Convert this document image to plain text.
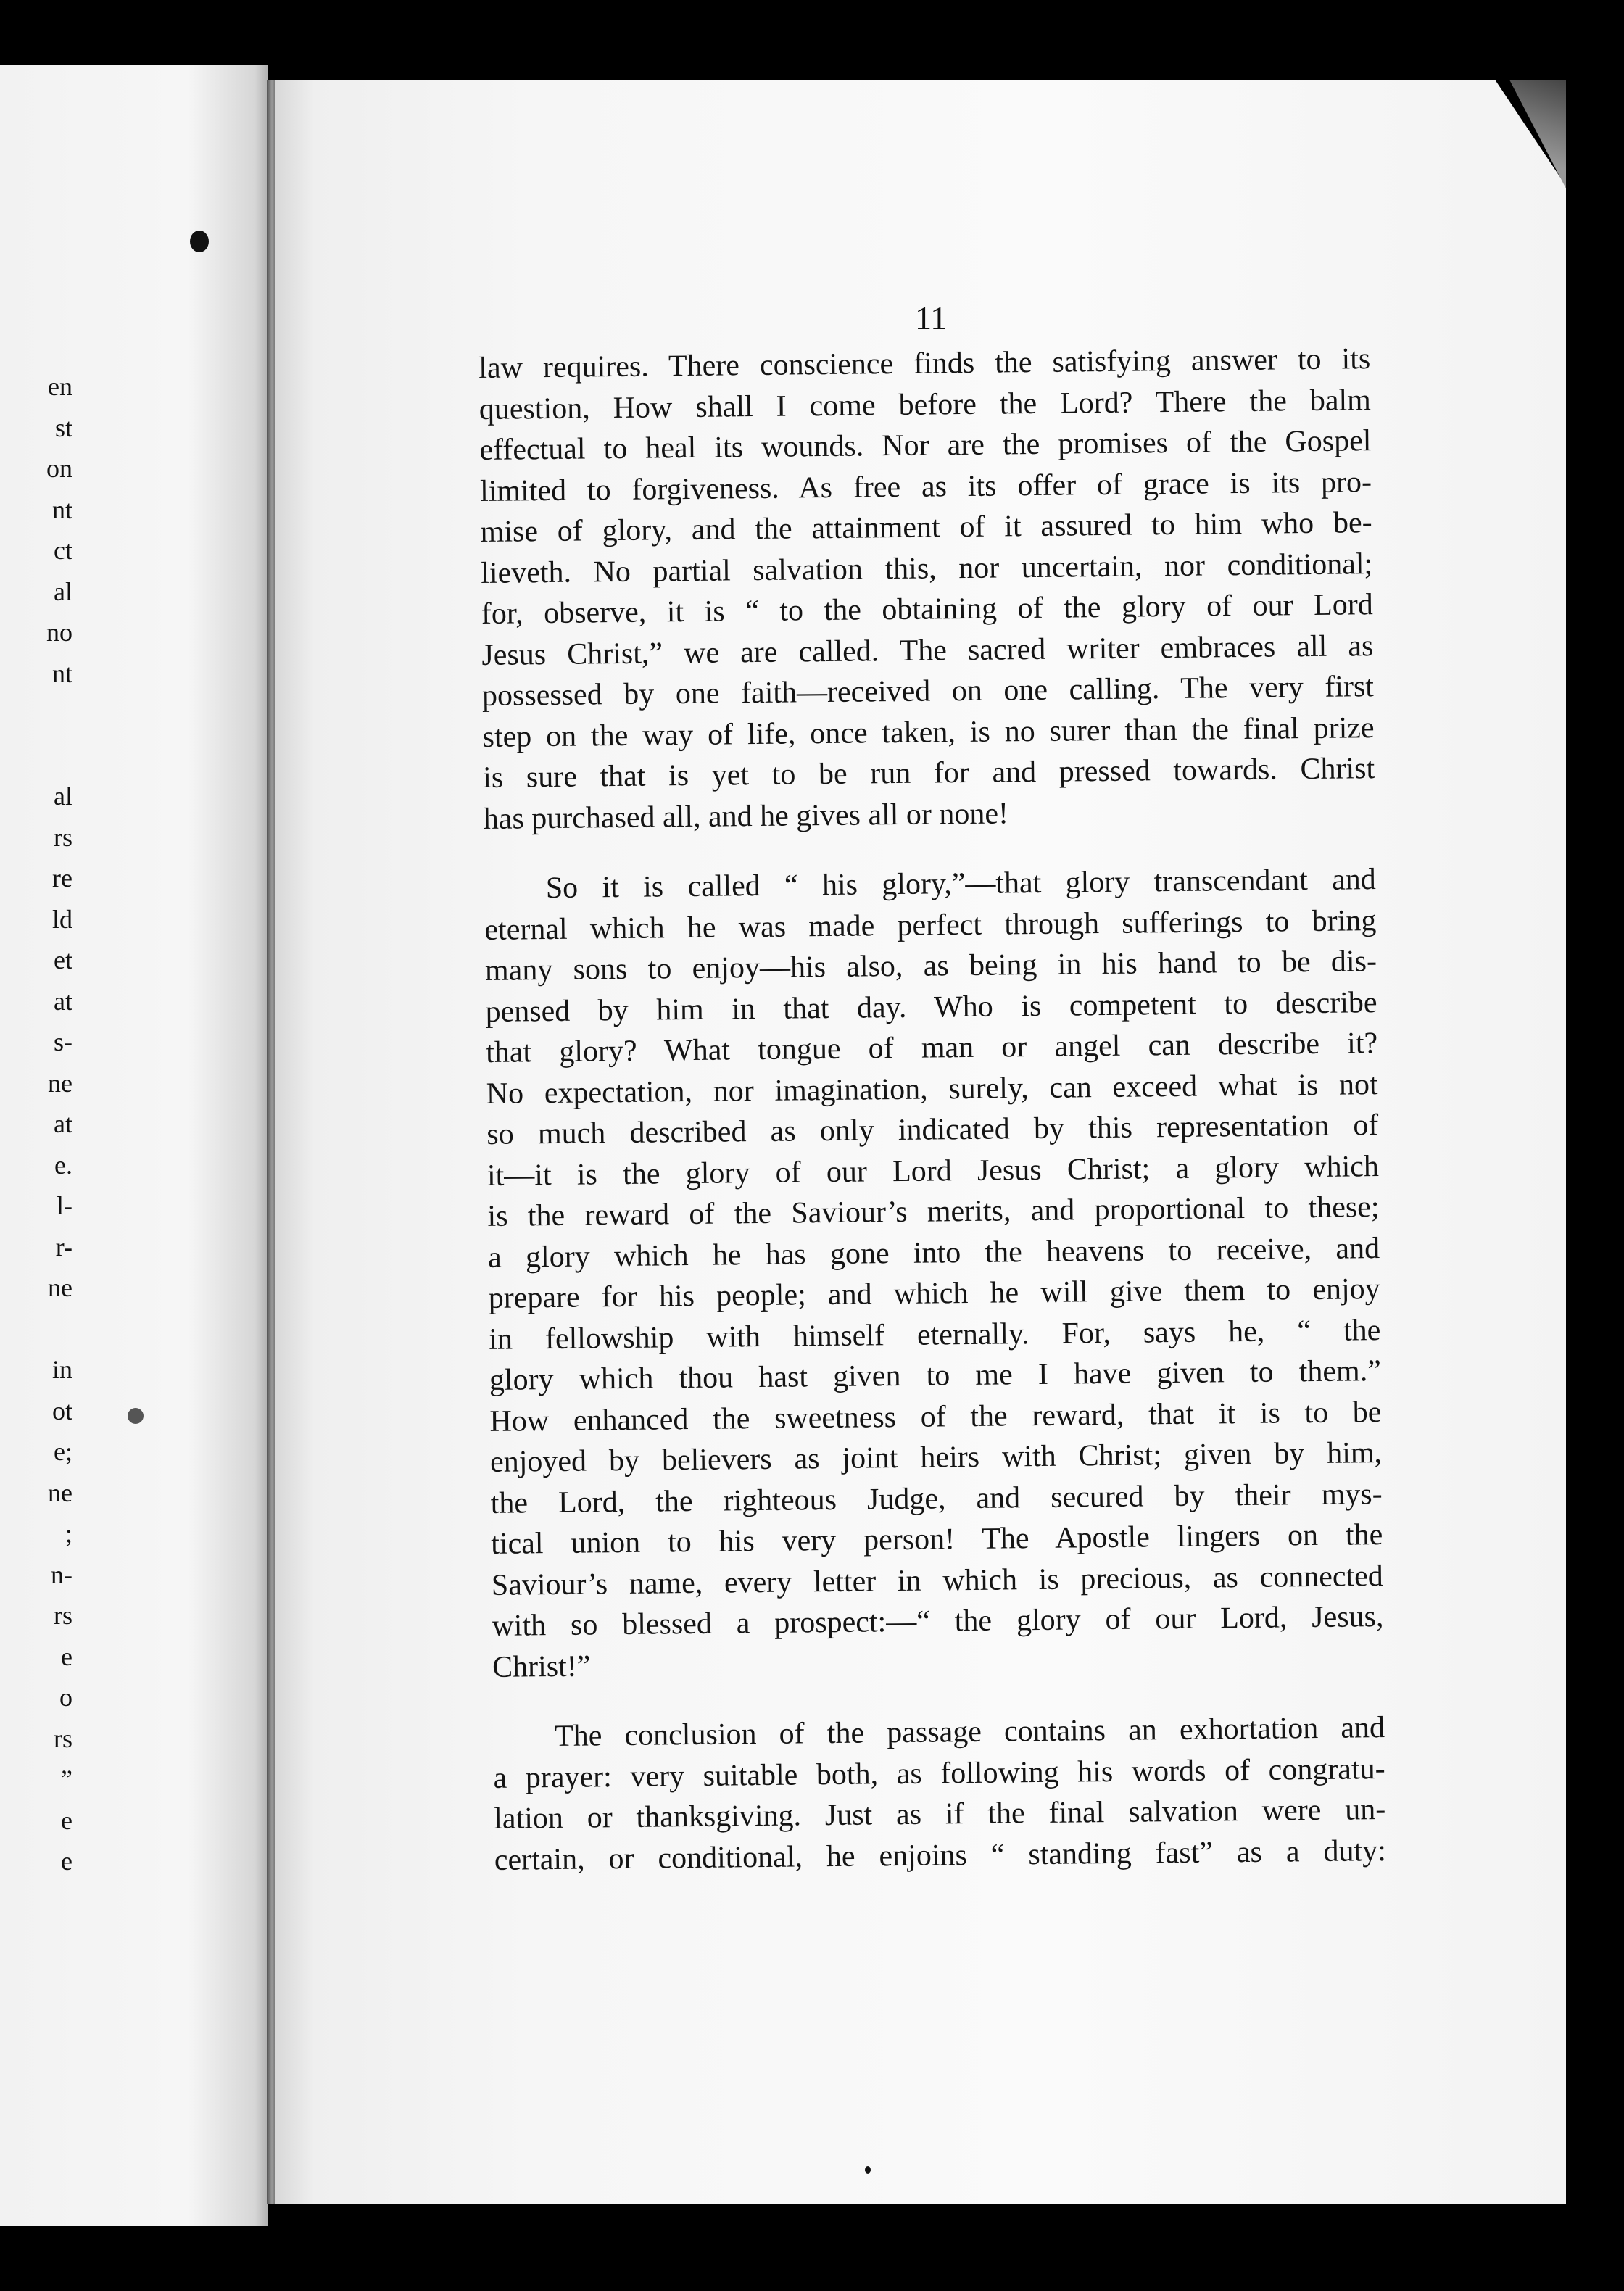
en
st
on
nt
ct
al
no
nt
al
rs
re
ld
et
at
s-
ne
at
e.
l-
r-
ne
in
ot
e;
ne
;
n-
rs
e
o
rs
”
e
e
11
law requires. There conscience finds the satisfying answer to its
question, How shall I come before the Lord? There the balm
effectual to heal its wounds. Nor are the promises of the Gospel
limited to forgiveness. As free as its offer of grace is its pro-
mise of glory, and the attainment of it assured to him who be-
lieveth. No partial salvation this, nor uncertain, nor conditional;
for, observe, it is “ to the obtaining of the glory of our Lord
Jesus Christ,” we are called. The sacred writer embraces all as
possessed by one faith—received on one calling. The very first
step on the way of life, once taken, is no surer than the final prize
is sure that is yet to be run for and pressed towards. Christ
has purchased all, and he gives all or none!
So it is called “ his glory,”—that glory transcendant and
eternal which he was made perfect through sufferings to bring
many sons to enjoy—his also, as being in his hand to be dis-
pensed by him in that day. Who is competent to describe
that glory? What tongue of man or angel can describe it?
No expectation, nor imagination, surely, can exceed what is not
so much described as only indicated by this representation of
it—it is the glory of our Lord Jesus Christ; a glory which
is the reward of the Saviour’s merits, and proportional to these;
a glory which he has gone into the heavens to receive, and
prepare for his people; and which he will give them to enjoy
in fellowship with himself eternally. For, says he, “ the
glory which thou hast given to me I have given to them.”
How enhanced the sweetness of the reward, that it is to be
enjoyed by believers as joint heirs with Christ; given by him,
the Lord, the righteous Judge, and secured by their mys-
tical union to his very person! The Apostle lingers on the
Saviour’s name, every letter in which is precious, as connected
with so blessed a prospect:—“ the glory of our Lord, Jesus,
Christ!”
The conclusion of the passage contains an exhortation and
a prayer: very suitable both, as following his words of congratu-
lation or thanksgiving. Just as if the final salvation were un-
certain, or conditional, he enjoins “ standing fast” as a duty:
